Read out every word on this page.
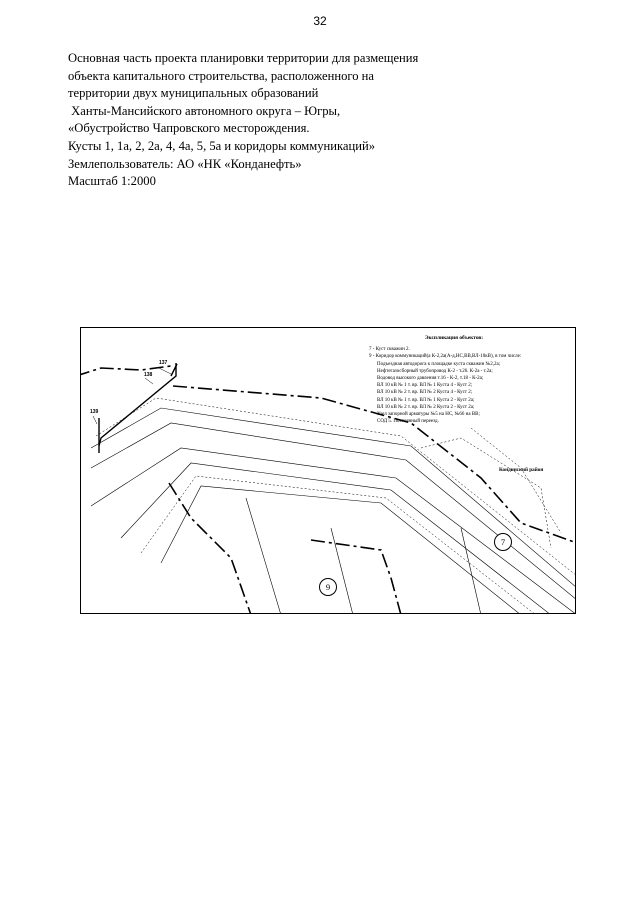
32
Основная часть проекта планировки территории для размещения
объекта капитального строительства, расположенного на
территории двух муниципальных образований
Ханты-Мансийского автономного округа – Югры,
«Обустройство Чапровского месторождения.
Кусты 1, 1а, 2, 2а, 4, 4а, 5, 5а и коридоры коммуникаций»
Землепользователь: АО «НК «Конданефть»
Масштаб 1:2000
Экспликация объектов:
7 - Куст скважин 2.
9 - Коридор коммуникаций(а К-2,2а(А-д,НС,ВВ,ВЛ-10кВ), в том числе:
Подъездная автодорога к площадке куста скважин №2,2а;
Нефтегазосборный трубопровод К-2 - т.26. К-2а - т.2а;
Водовод высокого давления т.16 - К-2, т.18 - К-2а;
ВЛ 10 кВ № 1 т. вр. ВЛ № 1 Куста 4 - Куст 2;
ВЛ 10 кВ № 2 т. вр. ВЛ № 2 Куста 4 - Куст 2;
ВЛ 10 кВ № 1 т. вр. ВЛ № 1 Куста 2 - Куст 2а;
ВЛ 10 кВ № 2 т. вр. ВЛ № 2 Куста 2 - Куст 2а;
Узел запорной арматуры №5 на НС, №66 на ВВ;
СОД 5. Постоянный переезд.
Кондинский район
137
138
139
7
9
